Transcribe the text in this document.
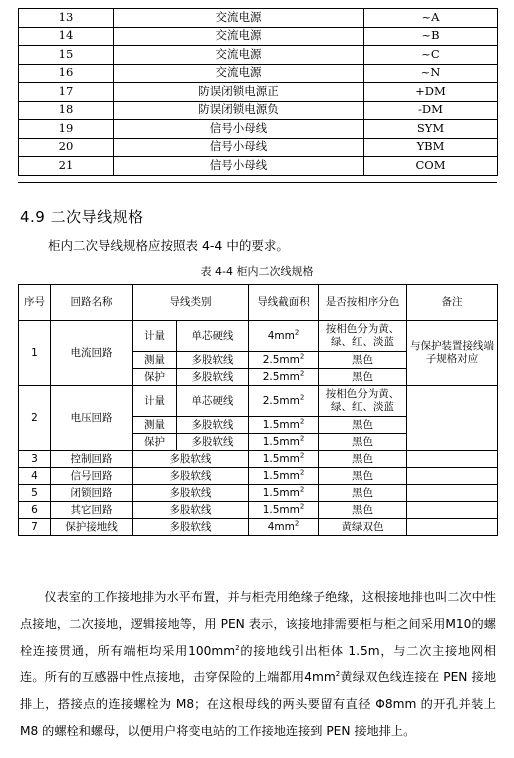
13	交流电源	~A
14	交流电源	~B
15	交流电源	~C
16	交流电源	~N
17	防误闭锁电源正	+DM
18	防误闭锁电源负	-DM
19	信号小母线	SYM
20	信号小母线	YBM
21	信号小母线	COM
4.9 二次导线规格
柜内二次导线规格应按照表 4-4 中的要求。
表 4-4 柜内二次线规格
序号	回路名称	导线类别		导线截面积	是否按相序分色	备注
1	电流回路	计量	单芯硬线	$4mm^2$	按相色分为黄、绿、红、淡蓝	与保护装置接线端子规格对应
		测量	多股软线	$2.5mm^2$	黑色	
		保护	多股软线	$2.5mm^2$	黑色	
2	电压回路	计量	单芯硬线	$2.5mm^2$	按相色分为黄、绿、红、淡蓝	
		测量	多股软线	$1.5mm^2$	黑色	
		保护	多股软线	$1.5mm^2$	黑色	
3	控制回路	多股软线		$1.5mm^2$	黑色	
4	信号回路	多股软线		$1.5mm^2$	黑色	
5	闭锁回路	多股软线		$1.5mm^2$	黑色	
6	其它回路	多股软线		$1.5mm^2$	黑色	
7	保护接地线	多股软线		$4mm^2$	黄绿双色	

仪表室的工作接地排为水平布置，并与柜壳用绝缘子绝缘，这根接地排也叫二次中性点接地，二次接地，逻辑接地等，用 PEN 表示，该接地排需要柜与柜之间采用M10的螺栓连接贯通，所有端柜均采用$100mm^2$的接地线引出柜体 1.5m，与二次主接地网相连。所有的互感器中性点接地，击穿保险的上端都用$4mm^2$黄绿双色线连接在 PEN 接地排上，搭接点的连接螺栓为 M8；在这根母线的两头要留有直径 Φ8mm 的开孔并装上 M8 的螺栓和螺母，以便用户将变电站的工作接地连接到 PEN 接地排上。
